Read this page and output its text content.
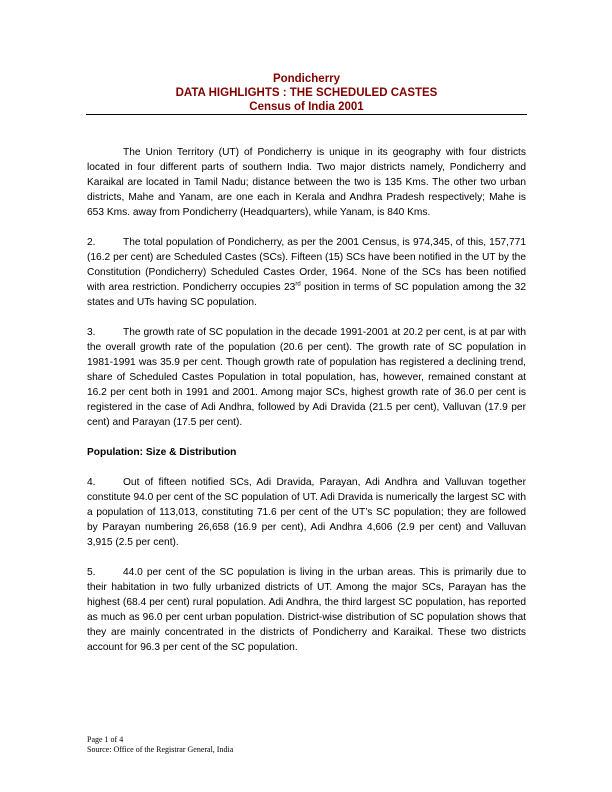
Pondicherry
DATA HIGHLIGHTS : THE SCHEDULED CASTES
Census of India 2001

The Union Territory (UT) of Pondicherry is unique in its geography with four districts located in four different parts of southern India. Two major districts namely, Pondicherry and Karaikal are located in Tamil Nadu; distance between the two is 135 Kms. The other two urban districts, Mahe and Yanam, are one each in Kerala and Andhra Pradesh respectively; Mahe is 653 Kms. away from Pondicherry (Headquarters), while Yanam, is 840 Kms.

2.	The total population of Pondicherry, as per the 2001 Census, is 974,345, of this, 157,771 (16.2 per cent) are Scheduled Castes (SCs). Fifteen (15) SCs have been notified in the UT by the Constitution (Pondicherry) Scheduled Castes Order, 1964. None of the SCs has been notified with area restriction. Pondicherry occupies 23rd position in terms of SC population among the 32 states and UTs having SC population.

3.	The growth rate of SC population in the decade 1991-2001 at 20.2 per cent, is at par with the overall growth rate of the population (20.6 per cent). The growth rate of SC population in 1981-1991 was 35.9 per cent. Though growth rate of population has registered a declining trend, share of Scheduled Castes Population in total population, has, however, remained constant at 16.2 per cent both in 1991 and 2001. Among major SCs, highest growth rate of 36.0 per cent is registered in the case of Adi Andhra, followed by Adi Dravida (21.5 per cent), Valluvan (17.9 per cent) and Parayan (17.5 per cent).

Population: Size & Distribution

4.	Out of fifteen notified SCs, Adi Dravida, Parayan, Adi Andhra and Valluvan together constitute 94.0 per cent of the SC population of UT. Adi Dravida is numerically the largest SC with a population of 113,013, constituting 71.6 per cent of the UT’s SC population; they are followed by Parayan numbering 26,658 (16.9 per cent), Adi Andhra 4,606 (2.9 per cent) and Valluvan 3,915 (2.5 per cent).

5.	44.0 per cent of the SC population is living in the urban areas. This is primarily due to their habitation in two fully urbanized districts of UT. Among the major SCs, Parayan has the highest (68.4 per cent) rural population. Adi Andhra, the third largest SC population, has reported as much as 96.0 per cent urban population. District-wise distribution of SC population shows that they are mainly concentrated in the districts of Pondicherry and Karaikal. These two districts account for 96.3 per cent of the SC population.

Page 1 of 4
Source: Office of the Registrar General, India
